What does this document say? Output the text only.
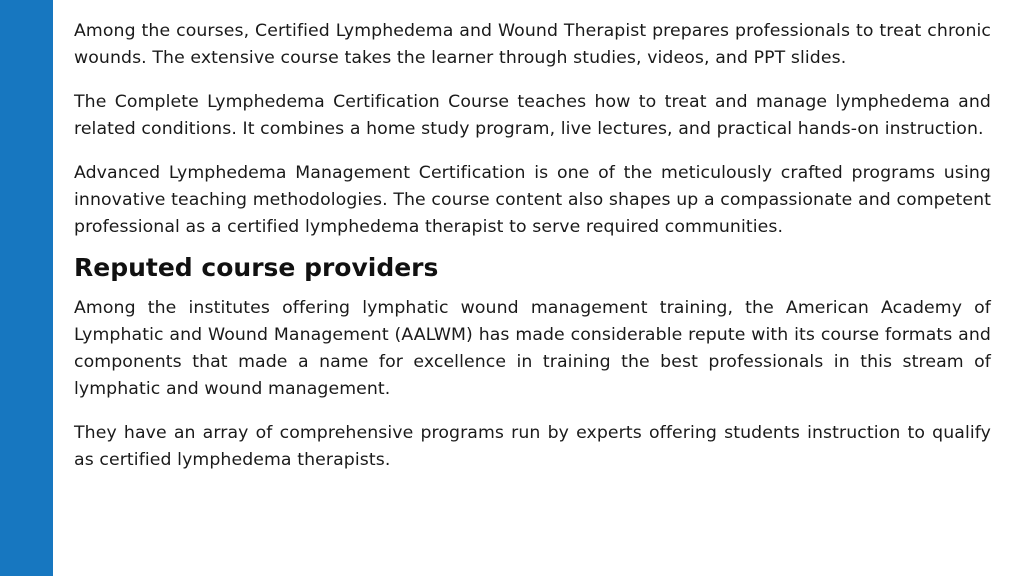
Among the courses, Certified Lymphedema and Wound Therapist prepares professionals to treat chronic wounds. The extensive course takes the learner through studies, videos, and PPT slides.

The Complete Lymphedema Certification Course teaches how to treat and manage lymphedema and related conditions. It combines a home study program, live lectures, and practical hands-on instruction.

Advanced Lymphedema Management Certification is one of the meticulously crafted programs using innovative teaching methodologies. The course content also shapes up a compassionate and competent professional as a certified lymphedema therapist to serve required communities.

Reputed course providers

Among the institutes offering lymphatic wound management training, the American Academy of Lymphatic and Wound Management (AALWM) has made considerable repute with its course formats and components that made a name for excellence in training the best professionals in this stream of lymphatic and wound management.

They have an array of comprehensive programs run by experts offering students instruction to qualify as certified lymphedema therapists.
